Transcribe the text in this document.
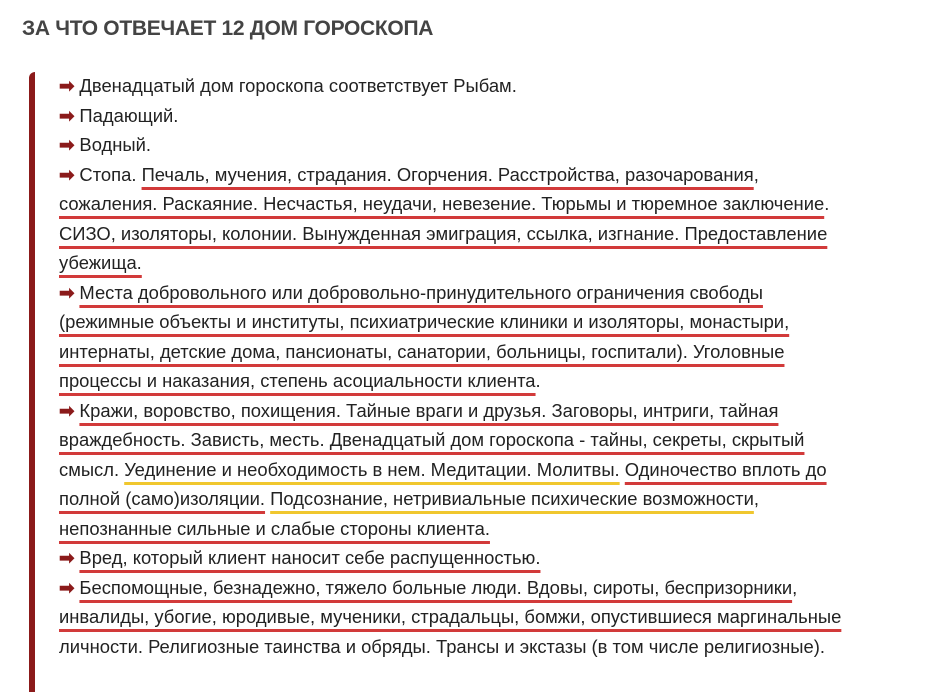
ЗА ЧТО ОТВЕЧАЕТ 12 ДОМ ГОРОСКОПА
➡ Двенадцатый дом гороскопа соответствует Рыбам.
➡ Падающий.
➡ Водный.
➡ Стопа. Печаль, мучения, страдания. Огорчения. Расстройства, разочарования,
сожаления. Раскаяние. Несчастья, неудачи, невезение. Тюрьмы и тюремное заключение.
СИЗО, изоляторы, колонии. Вынужденная эмиграция, ссылка, изгнание. Предоставление
убежища.
➡ Места добровольного или добровольно-принудительного ограничения свободы
(режимные объекты и институты, психиатрические клиники и изоляторы, монастыри,
интернаты, детские дома, пансионаты, санатории, больницы, госпитали). Уголовные
процессы и наказания, степень асоциальности клиента.
➡ Кражи, воровство, похищения. Тайные враги и друзья. Заговоры, интриги, тайная
враждебность. Зависть, месть. Двенадцатый дом гороскопа - тайны, секреты, скрытый
смысл. Уединение и необходимость в нем. Медитации. Молитвы. Одиночество вплоть до
полной (само)изоляции. Подсознание, нетривиальные психические возможности,
непознанные сильные и слабые стороны клиента.
➡ Вред, который клиент наносит себе распущенностью.
➡ Беспомощные, безнадежно, тяжело больные люди. Вдовы, сироты, беспризорники,
инвалиды, убогие, юродивые, мученики, страдальцы, бомжи, опустившиеся маргинальные
личности. Религиозные таинства и обряды. Трансы и экстазы (в том числе религиозные).
